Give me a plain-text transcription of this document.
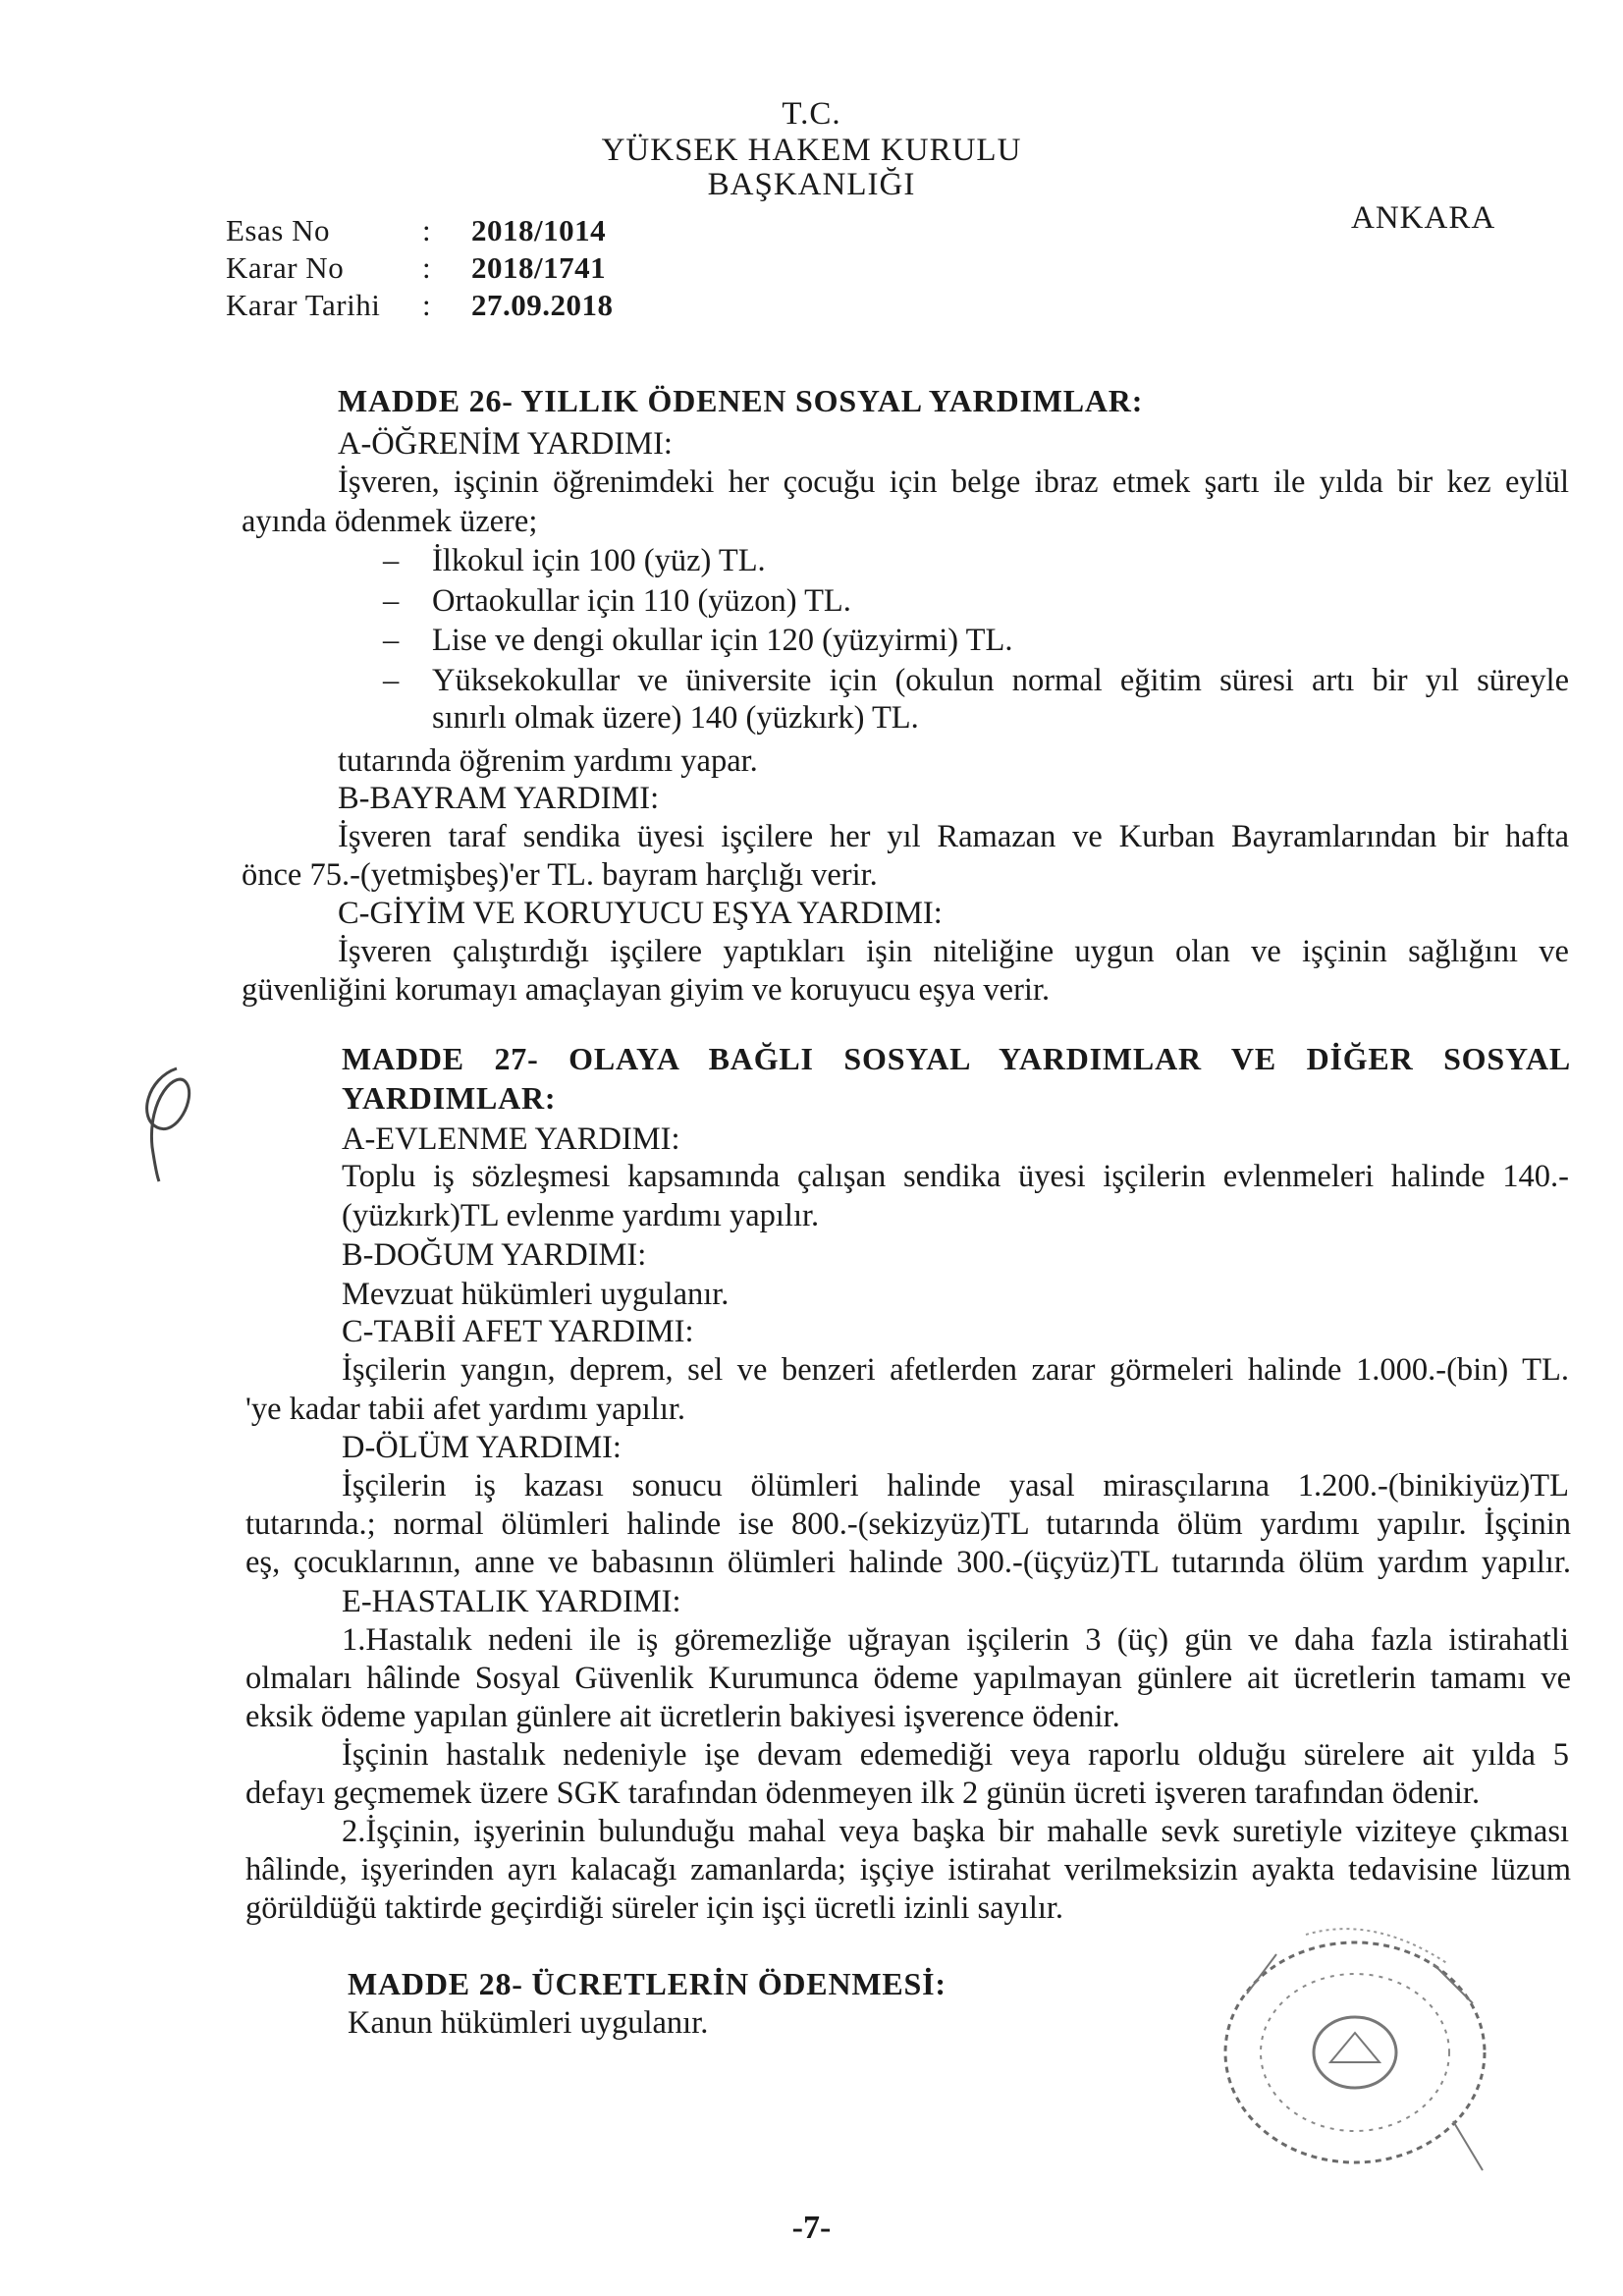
T.C.
YÜKSEK HAKEM KURULU
BAŞKANLIĞI
ANKARA
Esas No	: 2018/1014
Karar No	: 2018/1741
Karar Tarihi : 27.09.2018
MADDE 26- YILLIK ÖDENEN SOSYAL YARDIMLAR:
A-ÖĞRENİM YARDIMI:
İşveren, işçinin öğrenimdeki her çocuğu için belge ibraz etmek şartı ile yılda bir kez eylül
ayında ödenmek üzere;
– İlkokul için 100 (yüz) TL.
– Ortaokullar için 110 (yüzon) TL.
– Lise ve dengi okullar için 120 (yüzyirmi) TL.
– Yüksekokullar ve üniversite için (okulun normal eğitim süresi artı bir yıl süreyle
sınırlı olmak üzere) 140 (yüzkırk) TL.
tutarında öğrenim yardımı yapar.
B-BAYRAM YARDIMI:
İşveren taraf sendika üyesi işçilere her yıl Ramazan ve Kurban Bayramlarından bir hafta
önce 75.-(yetmişbeş)'er TL. bayram harçlığı verir.
C-GİYİM VE KORUYUCU EŞYA YARDIMI:
İşveren çalıştırdığı işçilere yaptıkları işin niteliğine uygun olan ve işçinin sağlığını ve
güvenliğini korumayı amaçlayan giyim ve koruyucu eşya verir.
MADDE 27- OLAYA BAĞLI SOSYAL YARDIMLAR VE DİĞER SOSYAL
YARDIMLAR:
A-EVLENME YARDIMI:
Toplu iş sözleşmesi kapsamında çalışan sendika üyesi işçilerin evlenmeleri halinde 140.-
(yüzkırk)TL evlenme yardımı yapılır.
B-DOĞUM YARDIMI:
Mevzuat hükümleri uygulanır.
C-TABİİ AFET YARDIMI:
İşçilerin yangın, deprem, sel ve benzeri afetlerden zarar görmeleri halinde 1.000.-(bin) TL.
'ye kadar tabii afet yardımı yapılır.
D-ÖLÜM YARDIMI:
İşçilerin iş kazası sonucu ölümleri halinde yasal mirasçılarına 1.200.-(binikiyüz)TL
tutarında.; normal ölümleri halinde ise 800.-(sekizyüz)TL tutarında ölüm yardımı yapılır. İşçinin
eş, çocuklarının, anne ve babasının ölümleri halinde 300.-(üçyüz)TL tutarında ölüm yardım yapılır.
E-HASTALIK YARDIMI:
1.Hastalık nedeni ile iş göremezliğe uğrayan işçilerin 3 (üç) gün ve daha fazla istirahatli
olmaları hâlinde Sosyal Güvenlik Kurumunca ödeme yapılmayan günlere ait ücretlerin tamamı ve
eksik ödeme yapılan günlere ait ücretlerin bakiyesi işverence ödenir.
İşçinin hastalık nedeniyle işe devam edemediği veya raporlu olduğu sürelere ait yılda 5
defayı geçmemek üzere SGK tarafından ödenmeyen ilk 2 günün ücreti işveren tarafından ödenir.
2.İşçinin, işyerinin bulunduğu mahal veya başka bir mahalle sevk suretiyle viziteye çıkması
hâlinde, işyerinden ayrı kalacağı zamanlarda; işçiye istirahat verilmeksizin ayakta tedavisine lüzum
görüldüğü taktirde geçirdiği süreler için işçi ücretli izinli sayılır.
MADDE 28- ÜCRETLERİN ÖDENMESİ:
Kanun hükümleri uygulanır.
-7-
